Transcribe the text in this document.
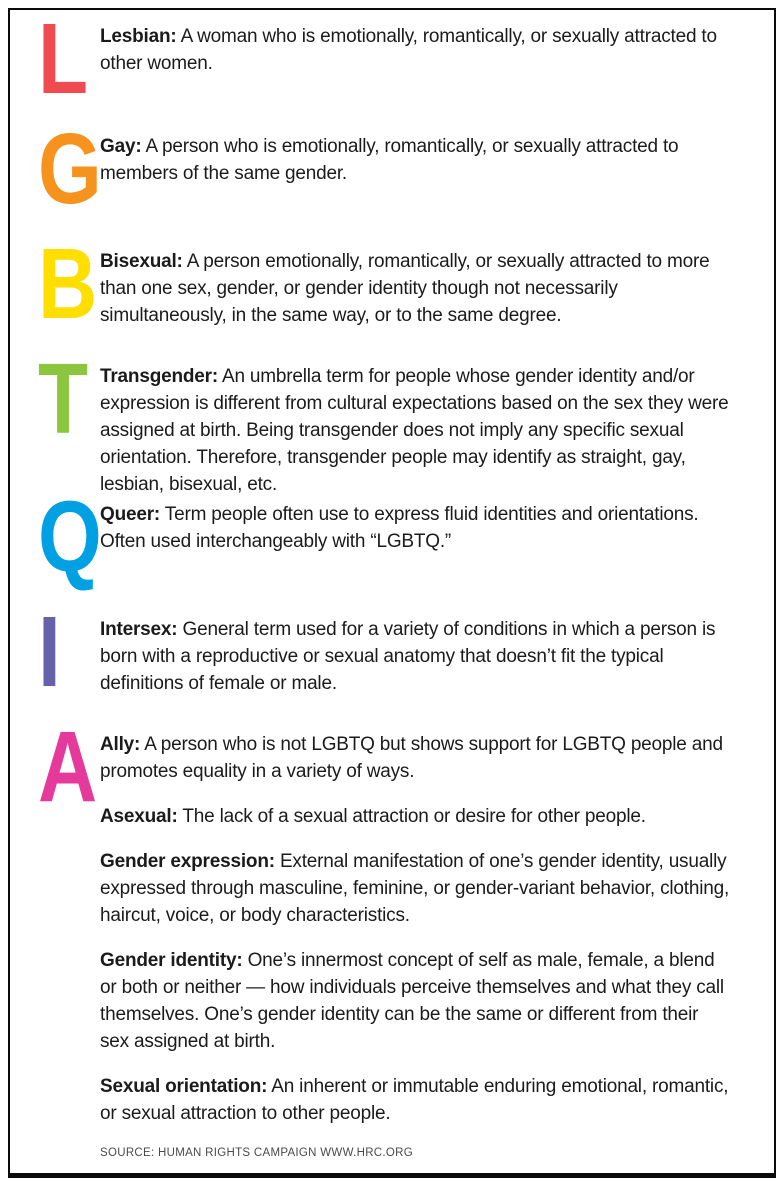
L Lesbian: A woman who is emotionally, romantically, or sexually attracted to other women.

G Gay: A person who is emotionally, romantically, or sexually attracted to members of the same gender.

B Bisexual: A person emotionally, romantically, or sexually attracted to more than one sex, gender, or gender identity though not necessarily simultaneously, in the same way, or to the same degree.

T Transgender: An umbrella term for people whose gender identity and/or expression is different from cultural expectations based on the sex they were assigned at birth. Being transgender does not imply any specific sexual orientation. Therefore, transgender people may identify as straight, gay, lesbian, bisexual, etc.

Q Queer: Term people often use to express fluid identities and orientations. Often used interchangeably with “LGBTQ.”

I	Intersex: General term used for a variety of conditions in which a person is born with a reproductive or sexual anatomy that doesn’t fit the typical definitions of female or male.

A Ally: A person who is not LGBTQ but shows support for LGBTQ people and promotes equality in a variety of ways.

Asexual: The lack of a sexual attraction or desire for other people.

Gender expression: External manifestation of one’s gender identity, usually expressed through masculine, feminine, or gender-variant behavior, clothing, haircut, voice, or body characteristics.

Gender identity: One’s innermost concept of self as male, female, a blend or both or neither — how individuals perceive themselves and what they call themselves. One’s gender identity can be the same or different from their sex assigned at birth.

Sexual orientation: An inherent or immutable enduring emotional, romantic, or sexual attraction to other people.

SOURCE: HUMAN RIGHTS CAMPAIGN WWW.HRC.ORG
